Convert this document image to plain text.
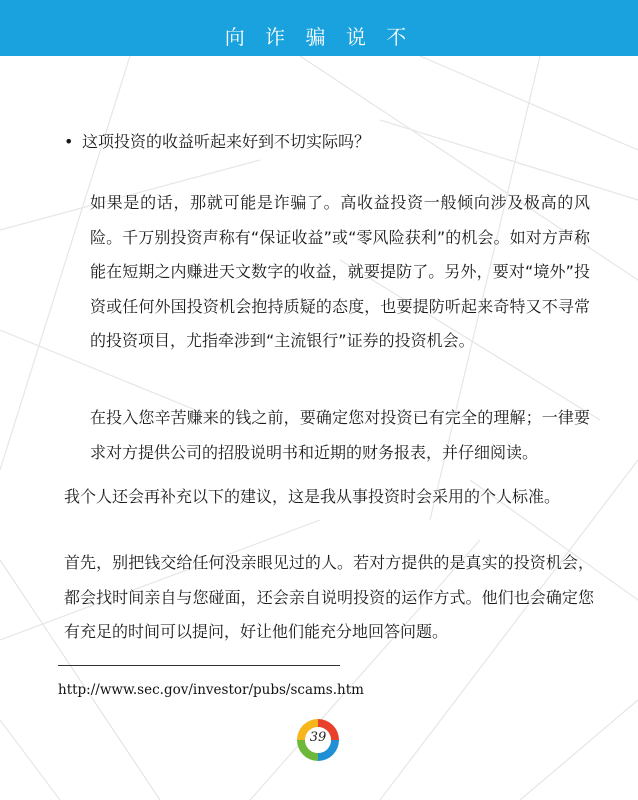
向 诈 骗 说 不
• 这项投资的收益听起来好到不切实际吗？
如果是的话，那就可能是诈骗了。高收益投资一般倾向涉及极高的风险。千万别投资声称有“保证收益”或“零风险获利”的机会。如对方声称能在短期之内赚进天文数字的收益，就要提防了。另外，要对“境外”投资或任何外国投资机会抱持质疑的态度，也要提防听起来奇特又不寻常的投资项目，尤指牵涉到“主流银行”证券的投资机会。
在投入您辛苦赚来的钱之前，要确定您对投资已有完全的理解；一律要求对方提供公司的招股说明书和近期的财务报表，并仔细阅读。
我个人还会再补充以下的建议，这是我从事投资时会采用的个人标准。
首先，别把钱交给任何没亲眼见过的人。若对方提供的是真实的投资机会，都会找时间亲自与您碰面，还会亲自说明投资的运作方式。他们也会确定您有充足的时间可以提问，好让他们能充分地回答问题。
http://www.sec.gov/investor/pubs/scams.htm
39
